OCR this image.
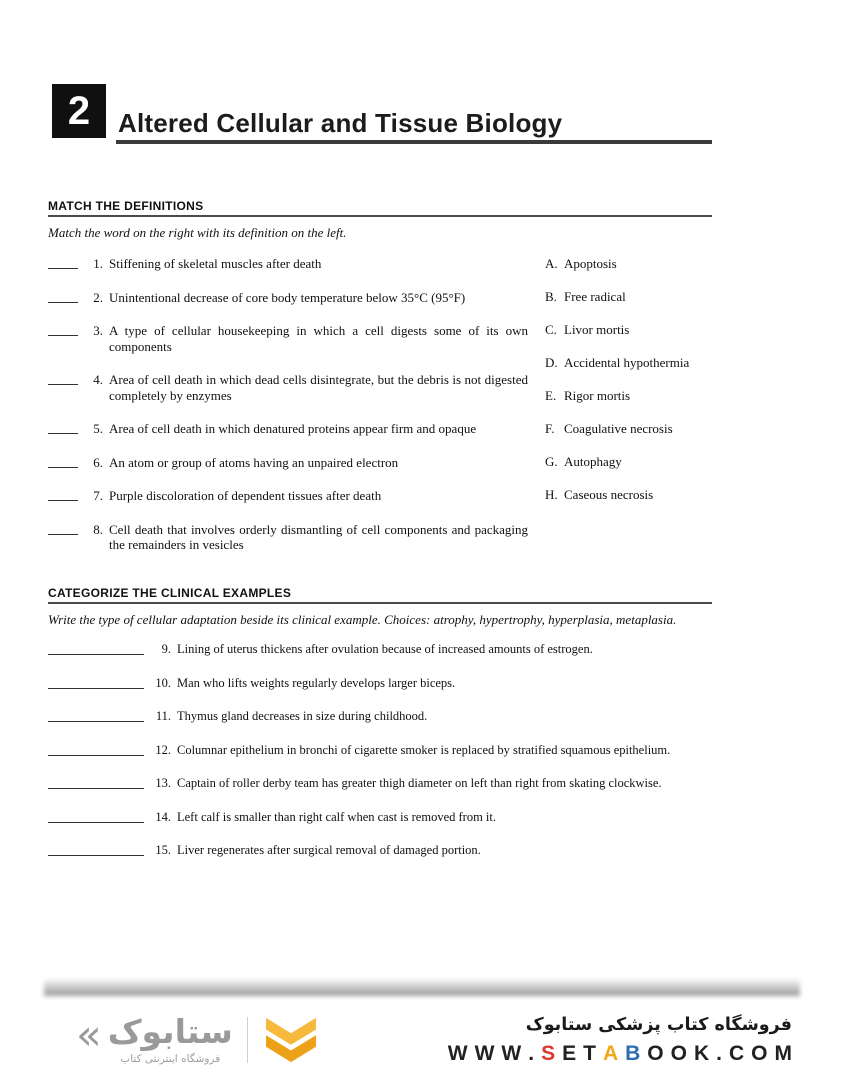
2 Altered Cellular and Tissue Biology
MATCH THE DEFINITIONS
Match the word on the right with its definition on the left.
1. Stiffening of skeletal muscles after death
2. Unintentional decrease of core body temperature below 35°C (95°F)
3. A type of cellular housekeeping in which a cell digests some of its own components
4. Area of cell death in which dead cells disintegrate, but the debris is not digested completely by enzymes
5. Area of cell death in which denatured proteins appear firm and opaque
6. An atom or group of atoms having an unpaired electron
7. Purple discoloration of dependent tissues after death
8. Cell death that involves orderly dismantling of cell components and packaging the remainders in vesicles
A. Apoptosis
B. Free radical
C. Livor mortis
D. Accidental hypothermia
E. Rigor mortis
F. Coagulative necrosis
G. Autophagy
H. Caseous necrosis
CATEGORIZE THE CLINICAL EXAMPLES
Write the type of cellular adaptation beside its clinical example. Choices: atrophy, hypertrophy, hyperplasia, metaplasia.
9. Lining of uterus thickens after ovulation because of increased amounts of estrogen.
10. Man who lifts weights regularly develops larger biceps.
11. Thymus gland decreases in size during childhood.
12. Columnar epithelium in bronchi of cigarette smoker is replaced by stratified squamous epithelium.
13. Captain of roller derby team has greater thigh diameter on left than right from skating clockwise.
14. Left calf is smaller than right calf when cast is removed from it.
15. Liver regenerates after surgical removal of damaged portion.
« ستابوک
فروشگاه اینترنتی کتاب
فروشگاه کتاب پزشکی ستابوک
W W W . S E T A B O O K . C O M
